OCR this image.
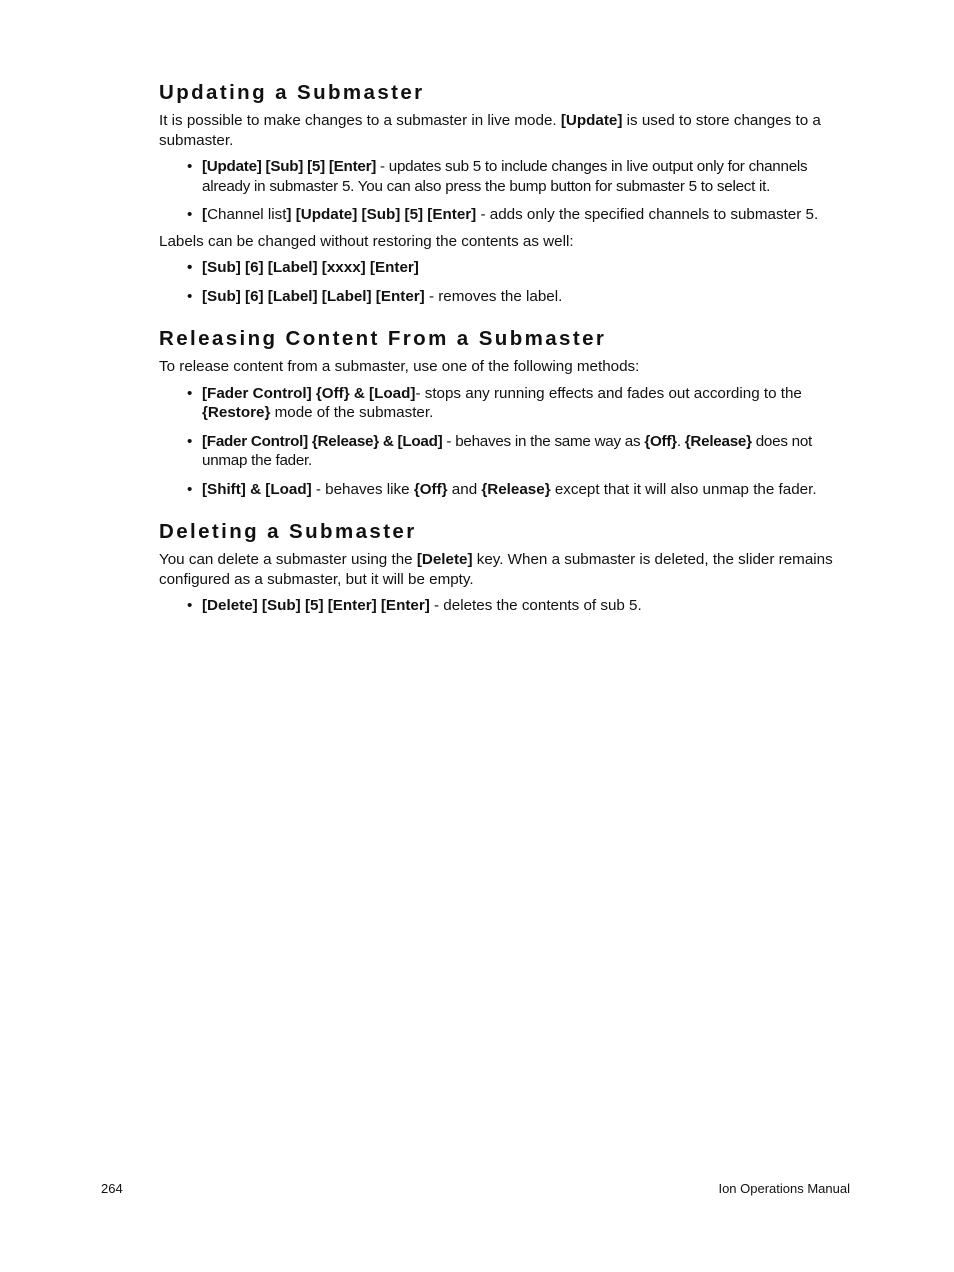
Updating a Submaster

It is possible to make changes to a submaster in live mode. [Update] is used to store changes to a submaster.

• [Update] [Sub] [5] [Enter] - updates sub 5 to include changes in live output only for channels already in submaster 5. You can also press the bump button for submaster 5 to select it.
• [Channel list] [Update] [Sub] [5] [Enter] - adds only the specified channels to submaster 5.

Labels can be changed without restoring the contents as well:

• [Sub] [6] [Label] [xxxx] [Enter]
• [Sub] [6] [Label] [Label] [Enter] - removes the label.
Releasing Content From a Submaster

To release content from a submaster, use one of the following methods:

• [Fader Control] {Off} & [Load]- stops any running effects and fades out according to the {Restore} mode of the submaster.
• [Fader Control] {Release} & [Load] - behaves in the same way as {Off}. {Release} does not unmap the fader.
• [Shift] & [Load] - behaves like {Off} and {Release} except that it will also unmap the fader.
Deleting a Submaster

You can delete a submaster using the [Delete] key. When a submaster is deleted, the slider remains configured as a submaster, but it will be empty.

• [Delete] [Sub] [5] [Enter] [Enter] - deletes the contents of sub 5.
264	Ion Operations Manual
